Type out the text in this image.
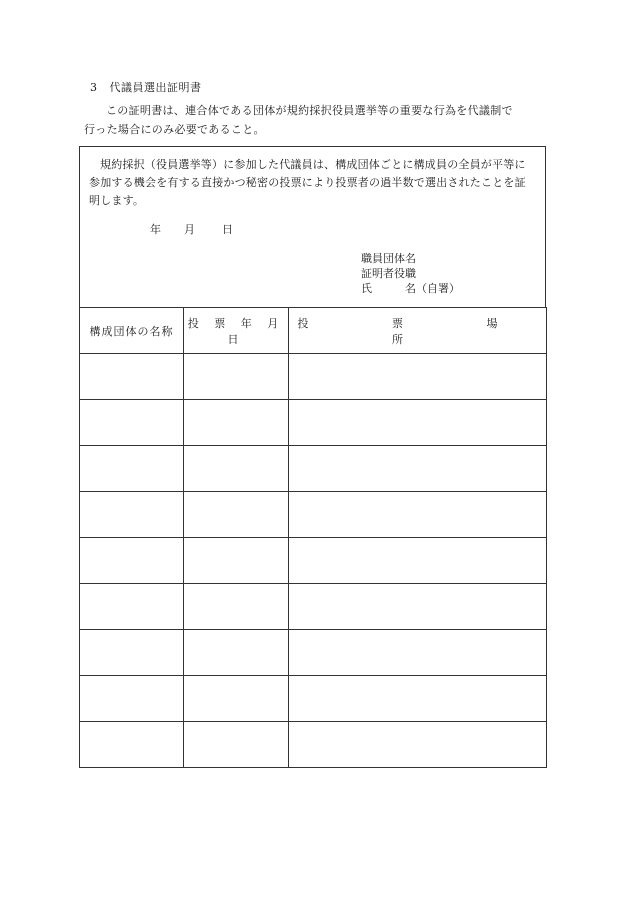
3 代議員選出証明書

この証明書は、連合体である団体が規約採択役員選挙等の重要な行為を代議制で

行った場合にのみ必要であること。

規約採択（役員選挙等）に参加した代議員は、構成団体ごとに構成員の全員が平等に参加する機会を有する直接かつ秘密の投票により投票者の過半数で選出されたことを証明します。

年 月 日
職員団体名
証明者役職
氏　　　名（自署）
構成団体の名称	投 票 年 月 日	投 票 場 所
